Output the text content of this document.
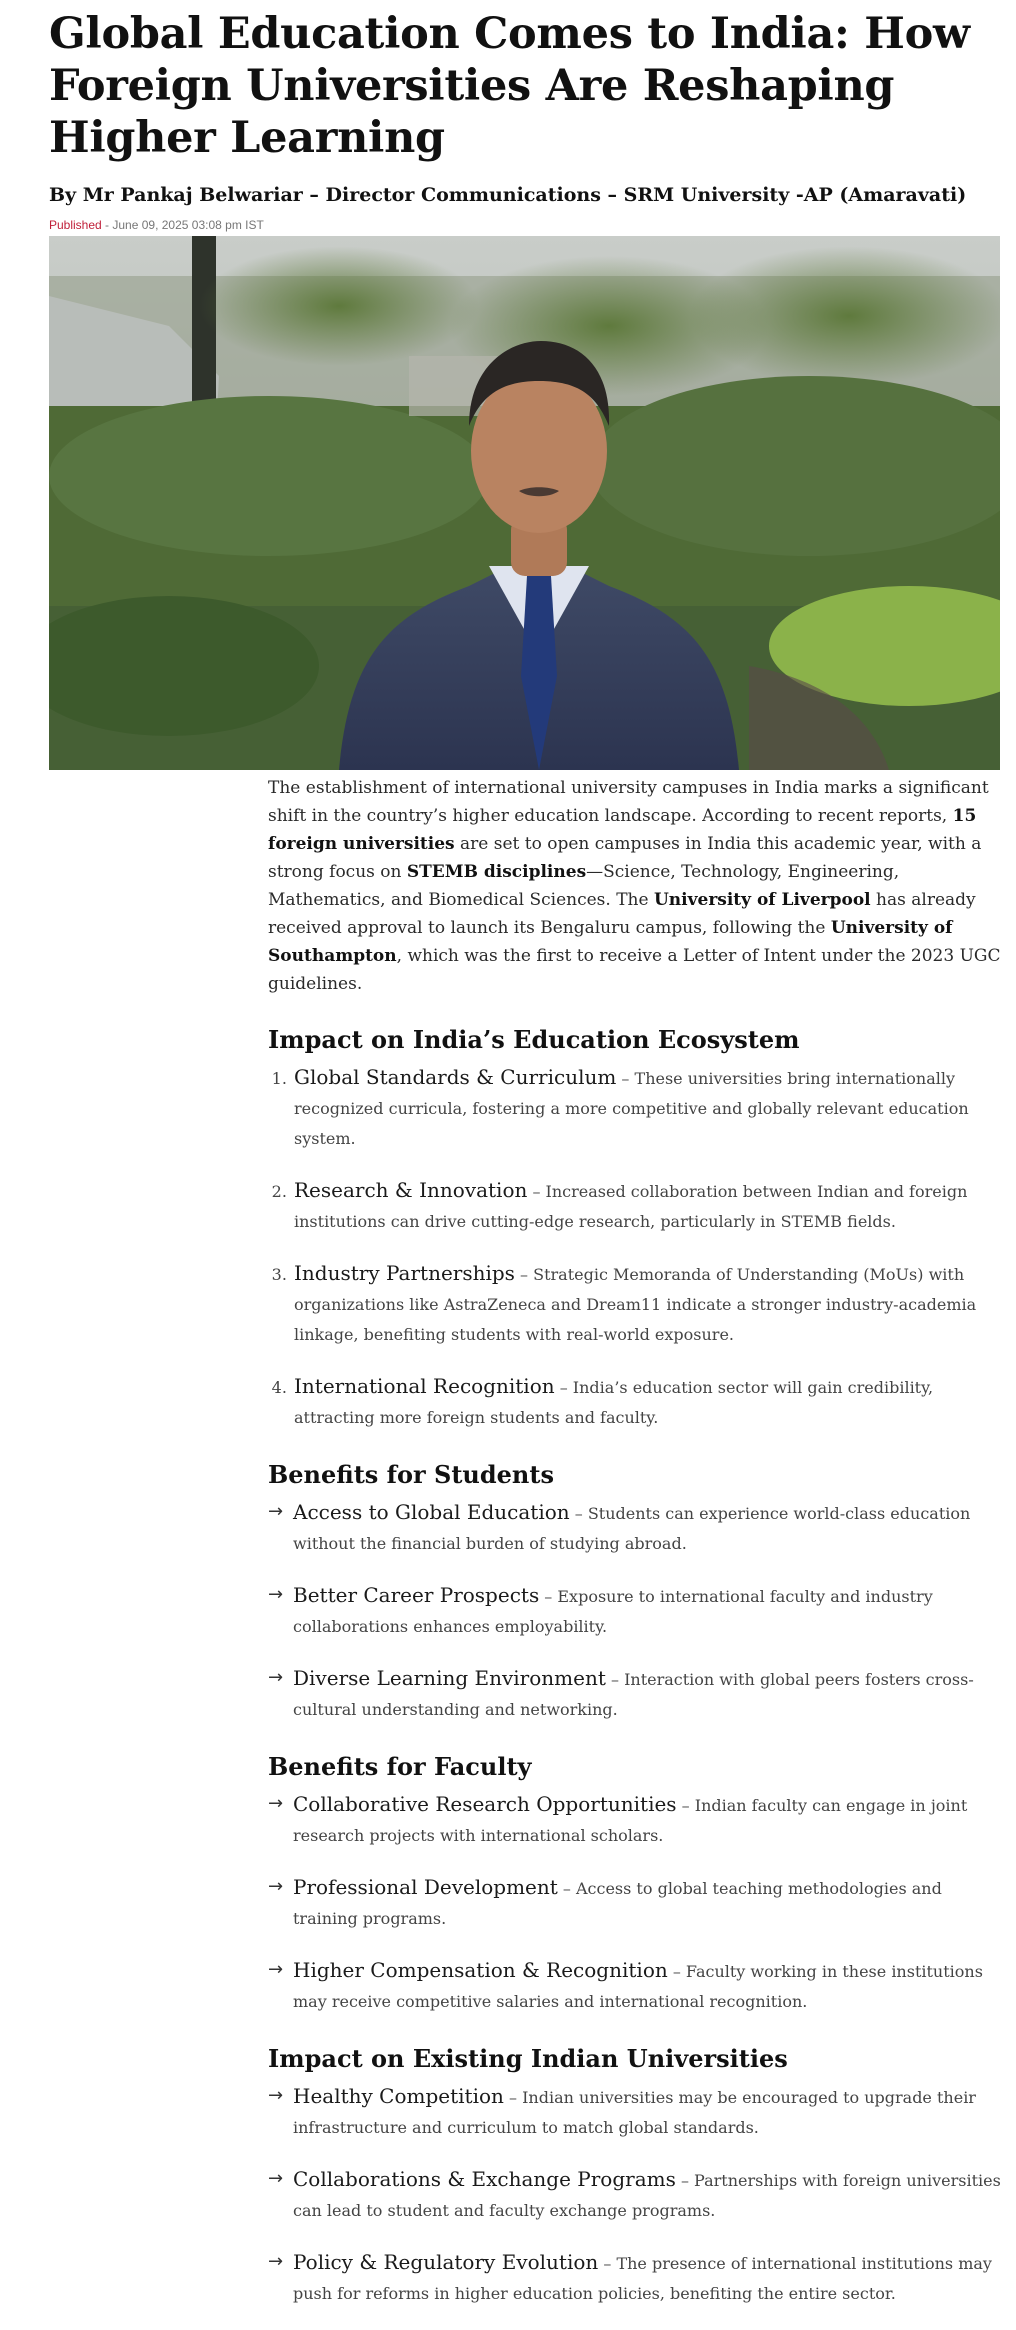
Global Education Comes to India: How Foreign Universities Are Reshaping Higher Learning
By Mr Pankaj Belwariar – Director Communications – SRM University -AP (Amaravati)
Published - June 09, 2025 03:08 pm IST

The establishment of international university campuses in India marks a significant shift in the country’s higher education landscape. According to recent reports, 15 foreign universities are set to open campuses in India this academic year, with a strong focus on STEMB disciplines—Science, Technology, Engineering, Mathematics, and Biomedical Sciences. The University of Liverpool has already received approval to launch its Bengaluru campus, following the University of Southampton, which was the first to receive a Letter of Intent under the 2023 UGC guidelines.

Impact on India’s Education Ecosystem
1. Global Standards & Curriculum – These universities bring internationally recognized curricula, fostering a more competitive and globally relevant education system.
2. Research & Innovation – Increased collaboration between Indian and foreign institutions can drive cutting-edge research, particularly in STEMB fields.
3. Industry Partnerships – Strategic Memoranda of Understanding (MoUs) with organizations like AstraZeneca and Dream11 indicate a stronger industry-academia linkage, benefiting students with real-world exposure.
4. International Recognition – India’s education sector will gain credibility, attracting more foreign students and faculty.
Benefits for Students
→ Access to Global Education – Students can experience world-class education without the financial burden of studying abroad.
→ Better Career Prospects – Exposure to international faculty and industry collaborations enhances employability.
→ Diverse Learning Environment – Interaction with global peers fosters cross-cultural understanding and networking.
Benefits for Faculty
→ Collaborative Research Opportunities – Indian faculty can engage in joint research projects with international scholars.
→ Professional Development – Access to global teaching methodologies and training programs.
→ Higher Compensation & Recognition – Faculty working in these institutions may receive competitive salaries and international recognition.
Impact on Existing Indian Universities
→ Healthy Competition – Indian universities may be encouraged to upgrade their infrastructure and curriculum to match global standards.
→ Collaborations & Exchange Programs – Partnerships with foreign universities can lead to student and faculty exchange programs.
→ Policy & Regulatory Evolution – The presence of international institutions may push for reforms in higher education policies, benefiting the entire sector.
